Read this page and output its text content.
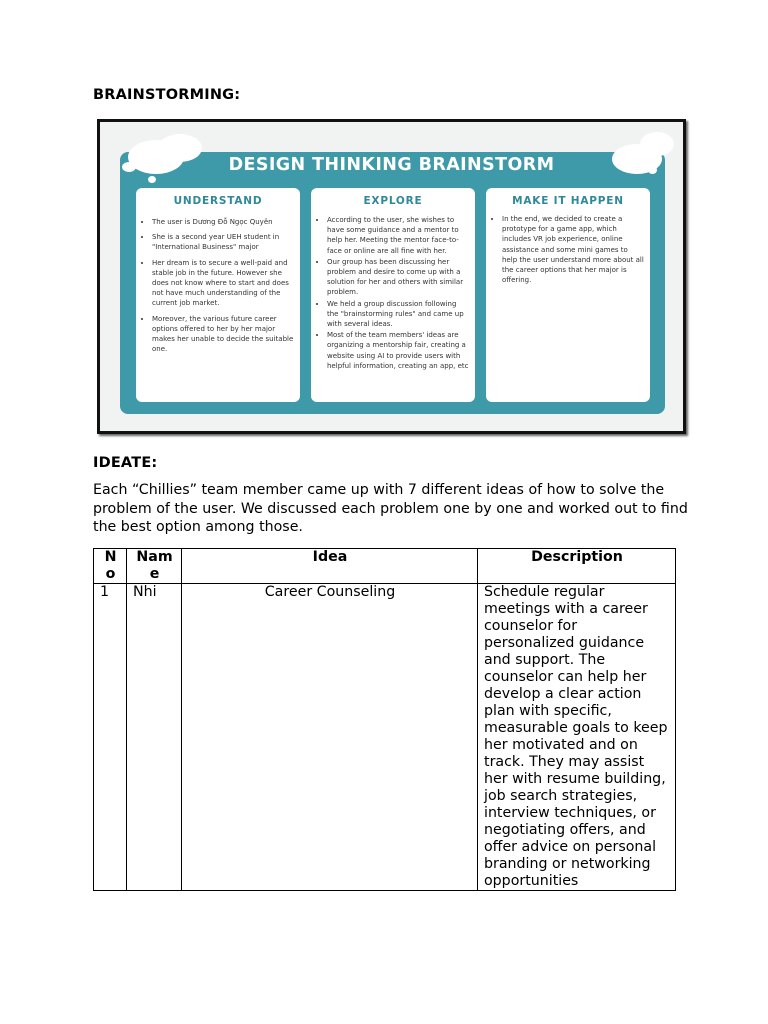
BRAINSTORMING:
DESIGN THINKING BRAINSTORM
UNDERSTAND
• The user is Dương Đỗ Ngọc Quyên
• She is a second year UEH student in "International Business" major
• Her dream is to secure a well-paid and stable job in the future. However she does not know where to start and does not have much understanding of the current job market.
• Moreover, the various future career options offered to her by her major makes her unable to decide the suitable one.
EXPLORE
• According to the user, she wishes to have some guidance and a mentor to help her. Meeting the mentor face-to-face or online are all fine with her.
• Our group has been discussing her problem and desire to come up with a solution for her and others with similar problem.
• We held a group discussion following the "brainstorming rules" and came up with several ideas.
• Most of the team members' ideas are organizing a mentorship fair, creating a website using AI to provide users with helpful information, creating an app, etc
MAKE IT HAPPEN
• In the end, we decided to create a prototype for a game app, which includes VR job experience, online assistance and some mini games to help the user understand more about all the career options that her major is offering.
IDEATE:
Each “Chillies” team member came up with 7 different ideas of how to solve the problem of the user. We discussed each problem one by one and worked out to find the best option among those.
No	Name	Idea	Description
1	Nhi	Career Counseling	Schedule regular meetings with a career counselor for personalized guidance and support. The counselor can help her develop a clear action plan with specific, measurable goals to keep her motivated and on track. They may assist her with resume building, job search strategies, interview techniques, or negotiating offers, and offer advice on personal branding or networking opportunities
